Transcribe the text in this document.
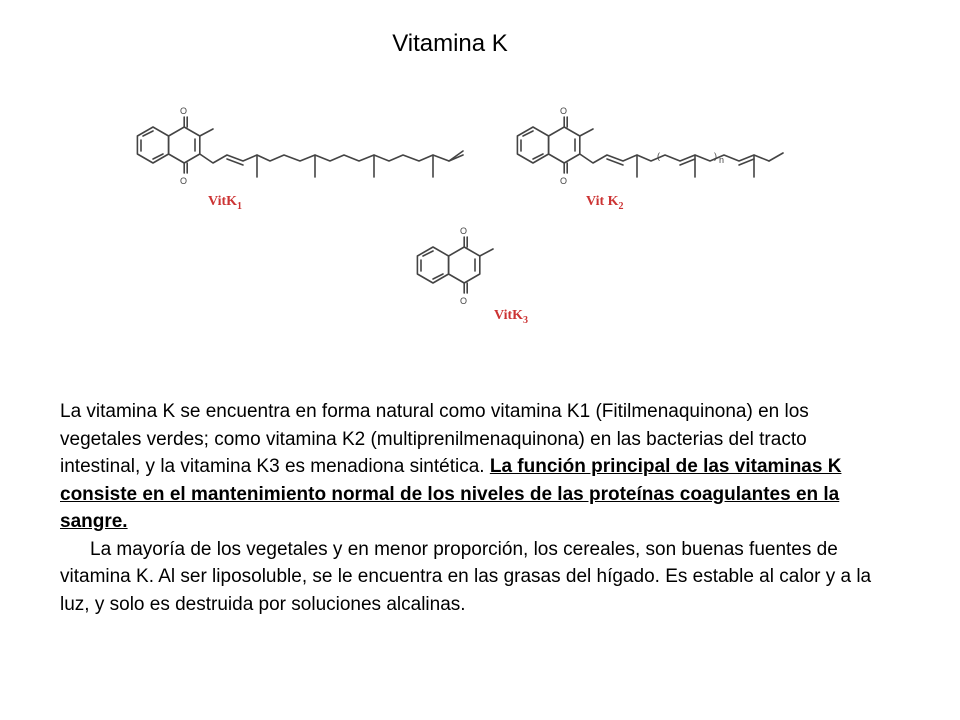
Vitamina K
O
O
VitK$_1$
O
O
(	) n
Vit $K_2$
O
O
VitK$_3$
La vitamina K se encuentra en forma natural como vitamina K1 (Fitilmenaquinona) en los vegetales verdes; como vitamina K2 (multiprenilmenaquinona) en las bacterias del tracto intestinal, y la vitamina K3 es menadiona sintética. La función principal de las vitaminas K consiste en el mantenimiento normal de los niveles de las proteínas coagulantes en la sangre.
La mayoría de los vegetales y en menor proporción, los cereales, son buenas fuentes de vitamina K. Al ser liposoluble, se le encuentra en las grasas del hígado. Es estable al calor y a la luz, y solo es destruida por soluciones alcalinas.
